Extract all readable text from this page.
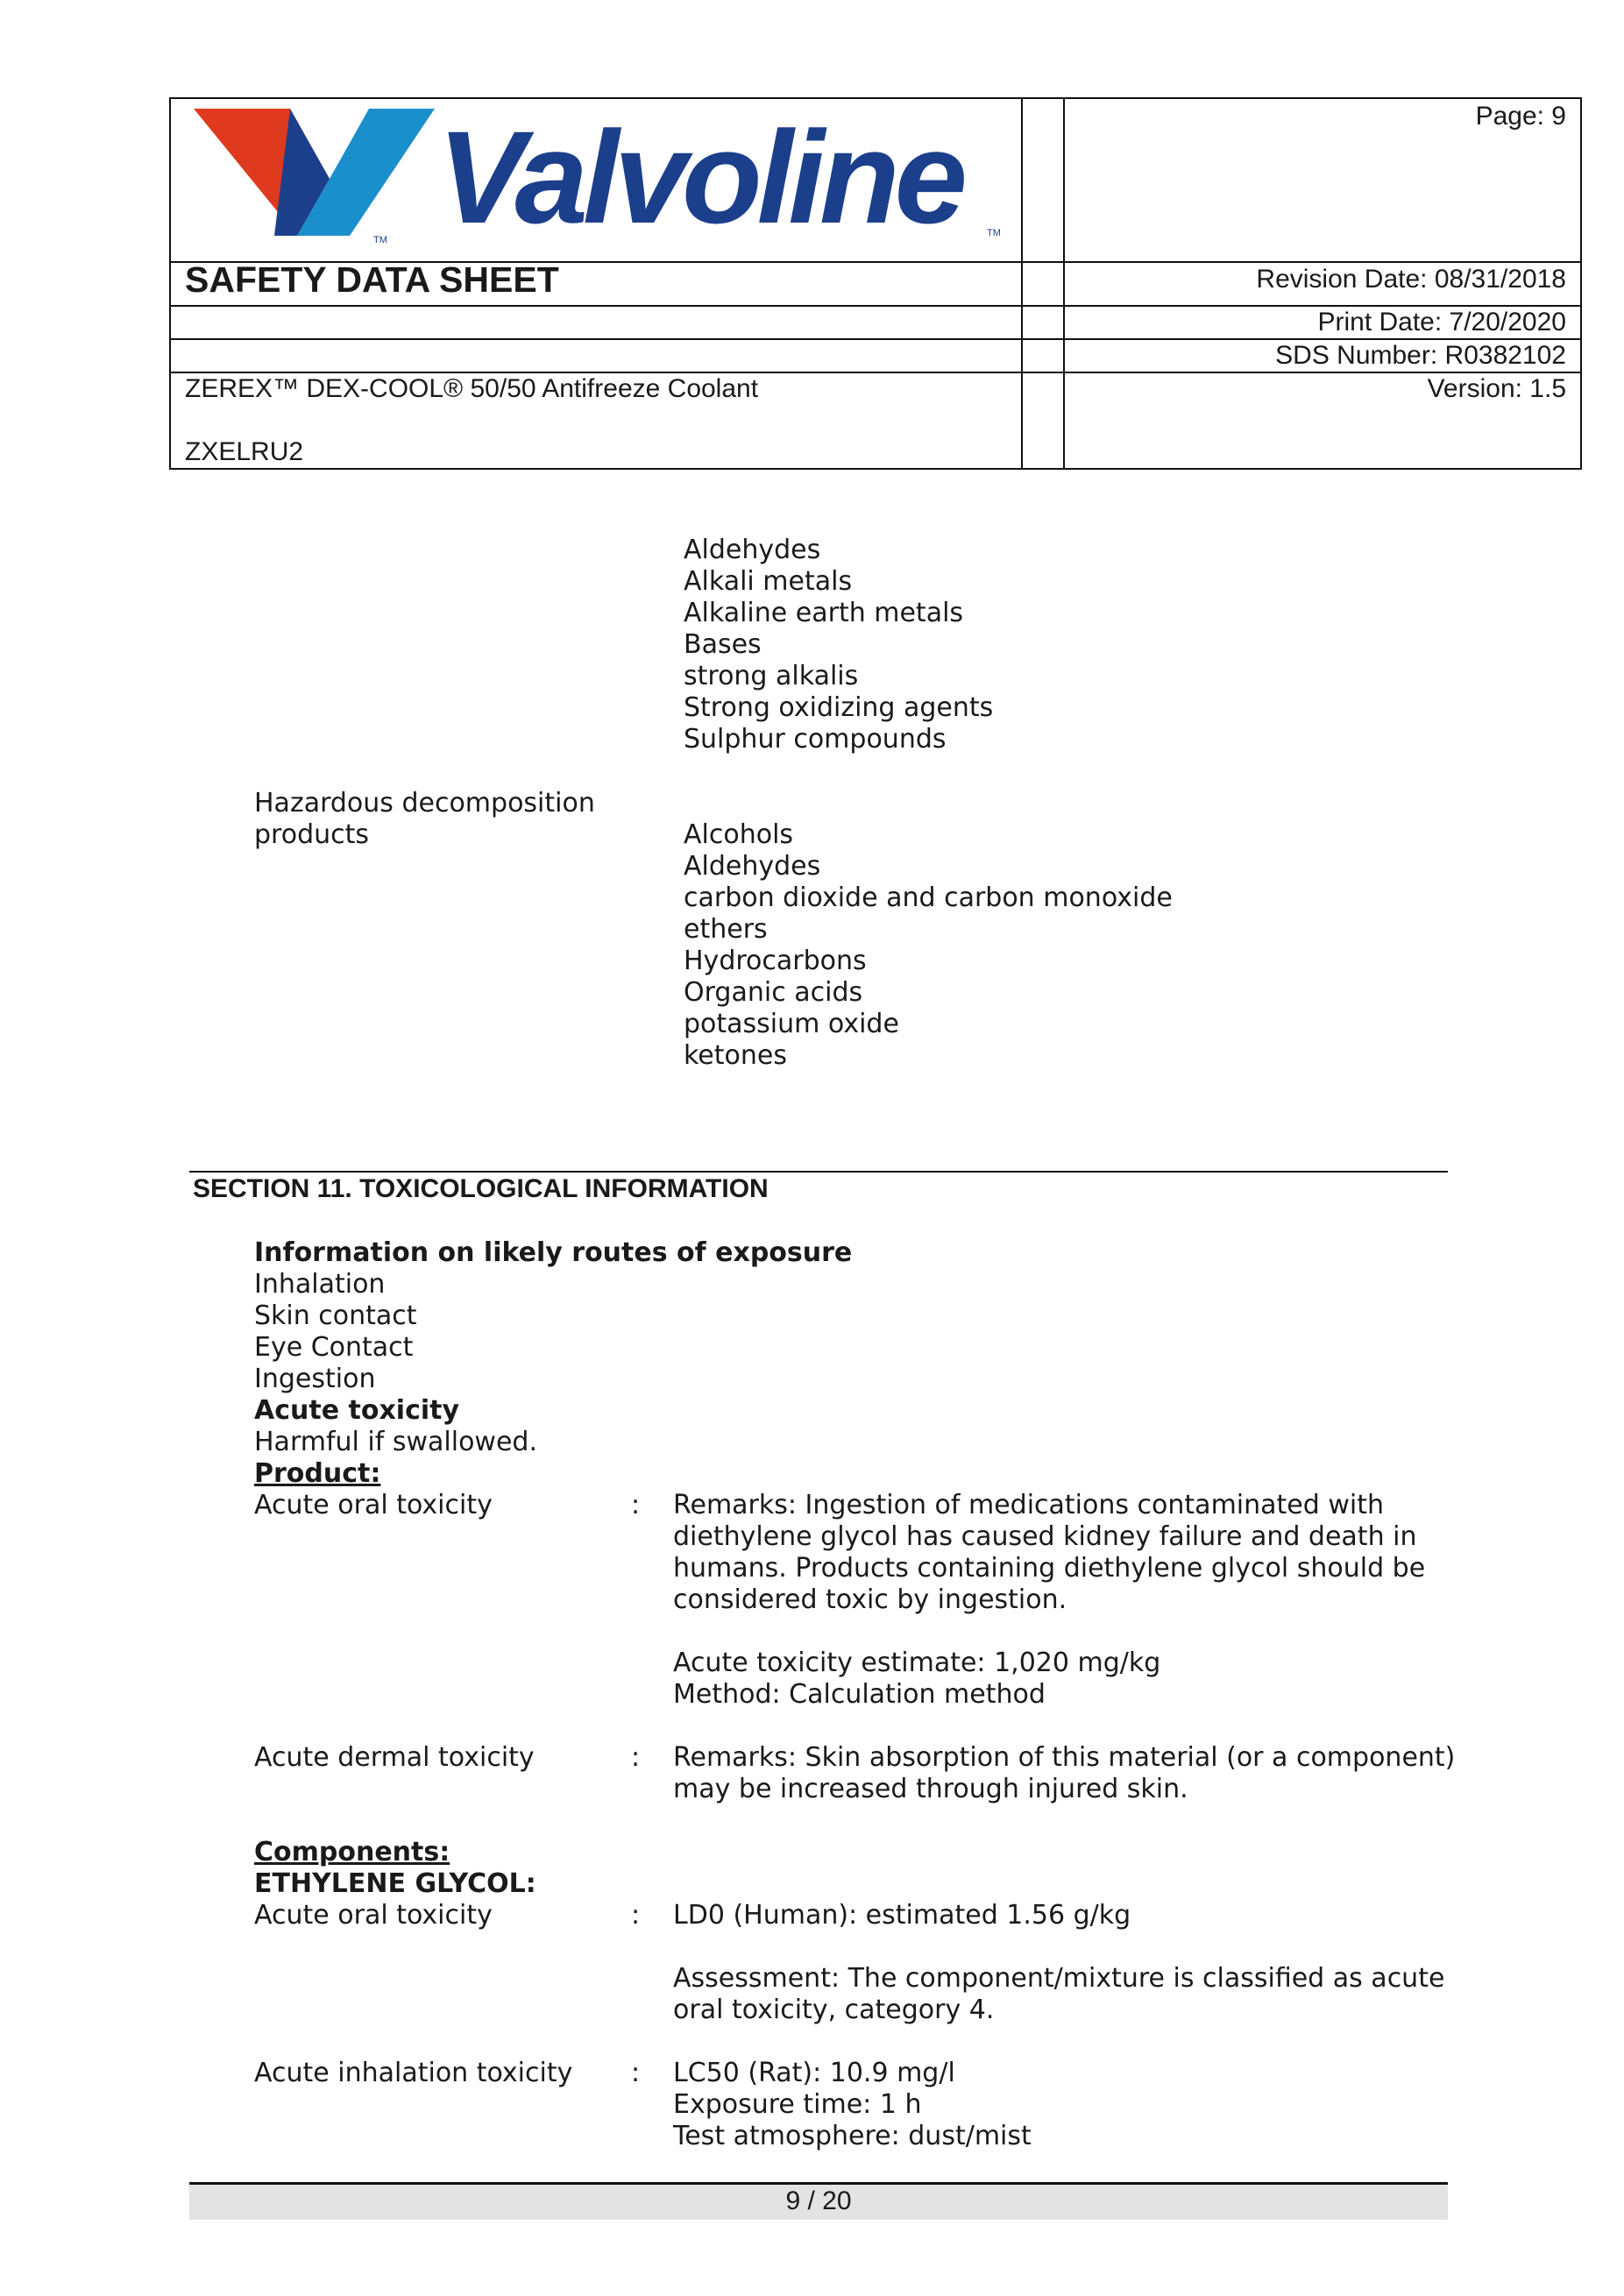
TM
TM
Valvoline	Page: 9
SAFETY DATA SHEET	Revision Date: 08/31/2018
Print Date: 7/20/2020
SDS Number: R0382102
ZEREX™ DEX-COOL® 50/50 Antifreeze Coolant	Version: 1.5
ZXELRU2
Aldehydes
Alkali metals
Alkaline earth metals
Bases
strong alkalis
Strong oxidizing agents
Sulphur compounds
Hazardous decomposition
products	Alcohols
Aldehydes
carbon dioxide and carbon monoxide
ethers
Hydrocarbons
Organic acids
potassium oxide
ketones
SECTION 11. TOXICOLOGICAL INFORMATION
Information on likely routes of exposure
Inhalation
Skin contact
Eye Contact
Ingestion
Acute toxicity
Harmful if swallowed.
Product:
Acute oral toxicity	: Remarks: Ingestion of medications contaminated with
diethylene glycol has caused kidney failure and death in
humans. Products containing diethylene glycol should be
considered toxic by ingestion.
Acute toxicity estimate: 1,020 mg/kg
Method: Calculation method
Acute dermal toxicity	: Remarks: Skin absorption of this material (or a component)
may be increased through injured skin.
Components:
ETHYLENE GLYCOL:
Acute oral toxicity	: LD0 (Human): estimated 1.56 g/kg
Assessment: The component/mixture is classified as acute
oral toxicity, category 4.
Acute inhalation toxicity : LC50 (Rat): 10.9 mg/l
Exposure time: 1 h
Test atmosphere: dust/mist
9 / 20
